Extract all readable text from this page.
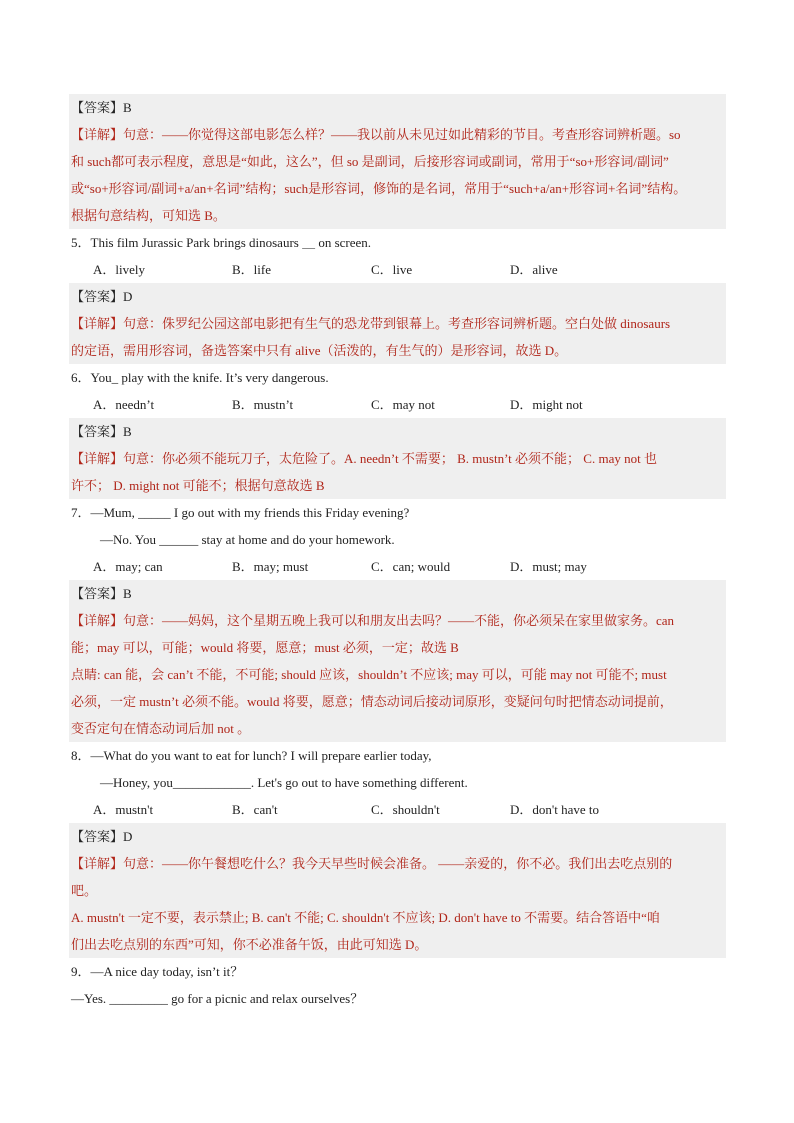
【答案】B
【详解】句意：——你觉得这部电影怎么样？——我以前从未见过如此精彩的节目。考查形容词辨析题。so
和 such都可表示程度，意思是“如此，这么”，但 so 是副词，后接形容词或副词，常用于“so+形容词/副词”
或“so+形容词/副词+a/an+名词”结构；such是形容词，修饰的是名词，常用于“such+a/an+形容词+名词”结构。
根据句意结构，可知选 B。
5．This film Jurassic Park brings dinosaurs ＿ on screen.
A．lively	B．life	C．live	D．alive
【答案】D
【详解】句意：侏罗纪公园这部电影把有生气的恐龙带到银幕上。考查形容词辨析题。空白处做 dinosaurs
的定语，需用形容词，备选答案中只有 alive（活泼的，有生气的）是形容词，故选 D。
6．You_ play with the knife. It’s very dangerous.
A．needn’t	B．mustn’t	C．may not	D．might not
【答案】B
【详解】句意：你必须不能玩刀子，太危险了。A. needn’t 不需要； B. mustn’t 必须不能； C. may not 也
许不； D. might not 可能不；根据句意故选 B
7．—Mum, _____ I go out with my friends this Friday evening?
—No. You ______ stay at home and do your homework.
A．may; can	B．may; must	C．can; would	D．must; may
【答案】B
【详解】句意：——妈妈，这个星期五晚上我可以和朋友出去吗？——不能，你必须呆在家里做家务。can
能；may 可以，可能；would 将要，愿意；must 必须，一定；故选 B
点睛: can 能，会 can’t 不能，不可能; should 应该，shouldn’t 不应该; may 可以，可能 may not 可能不; must
必须，一定 mustn’t 必须不能。would 将要，愿意；情态动词后接动词原形，变疑问句时把情态动词提前，
变否定句在情态动词后加 not 。
8．—What do you want to eat for lunch? I will prepare earlier today,
—Honey, you____________. Let's go out to have something different.
A．mustn't	B．can't	C．shouldn't	D．don't have to
【答案】D
【详解】句意：——你午餐想吃什么？我今天早些时候会准备。 ——亲爱的，你不必。我们出去吃点别的
吧。
A. mustn't 一定不要，表示禁止; B. can't 不能; C. shouldn't 不应该; D. don't have to 不需要。结合答语中“咱
们出去吃点别的东西”可知，你不必准备午饭，由此可知选 D。
9．—A nice day today, isn’t it？
—Yes. _________ go for a picnic and relax ourselves？
